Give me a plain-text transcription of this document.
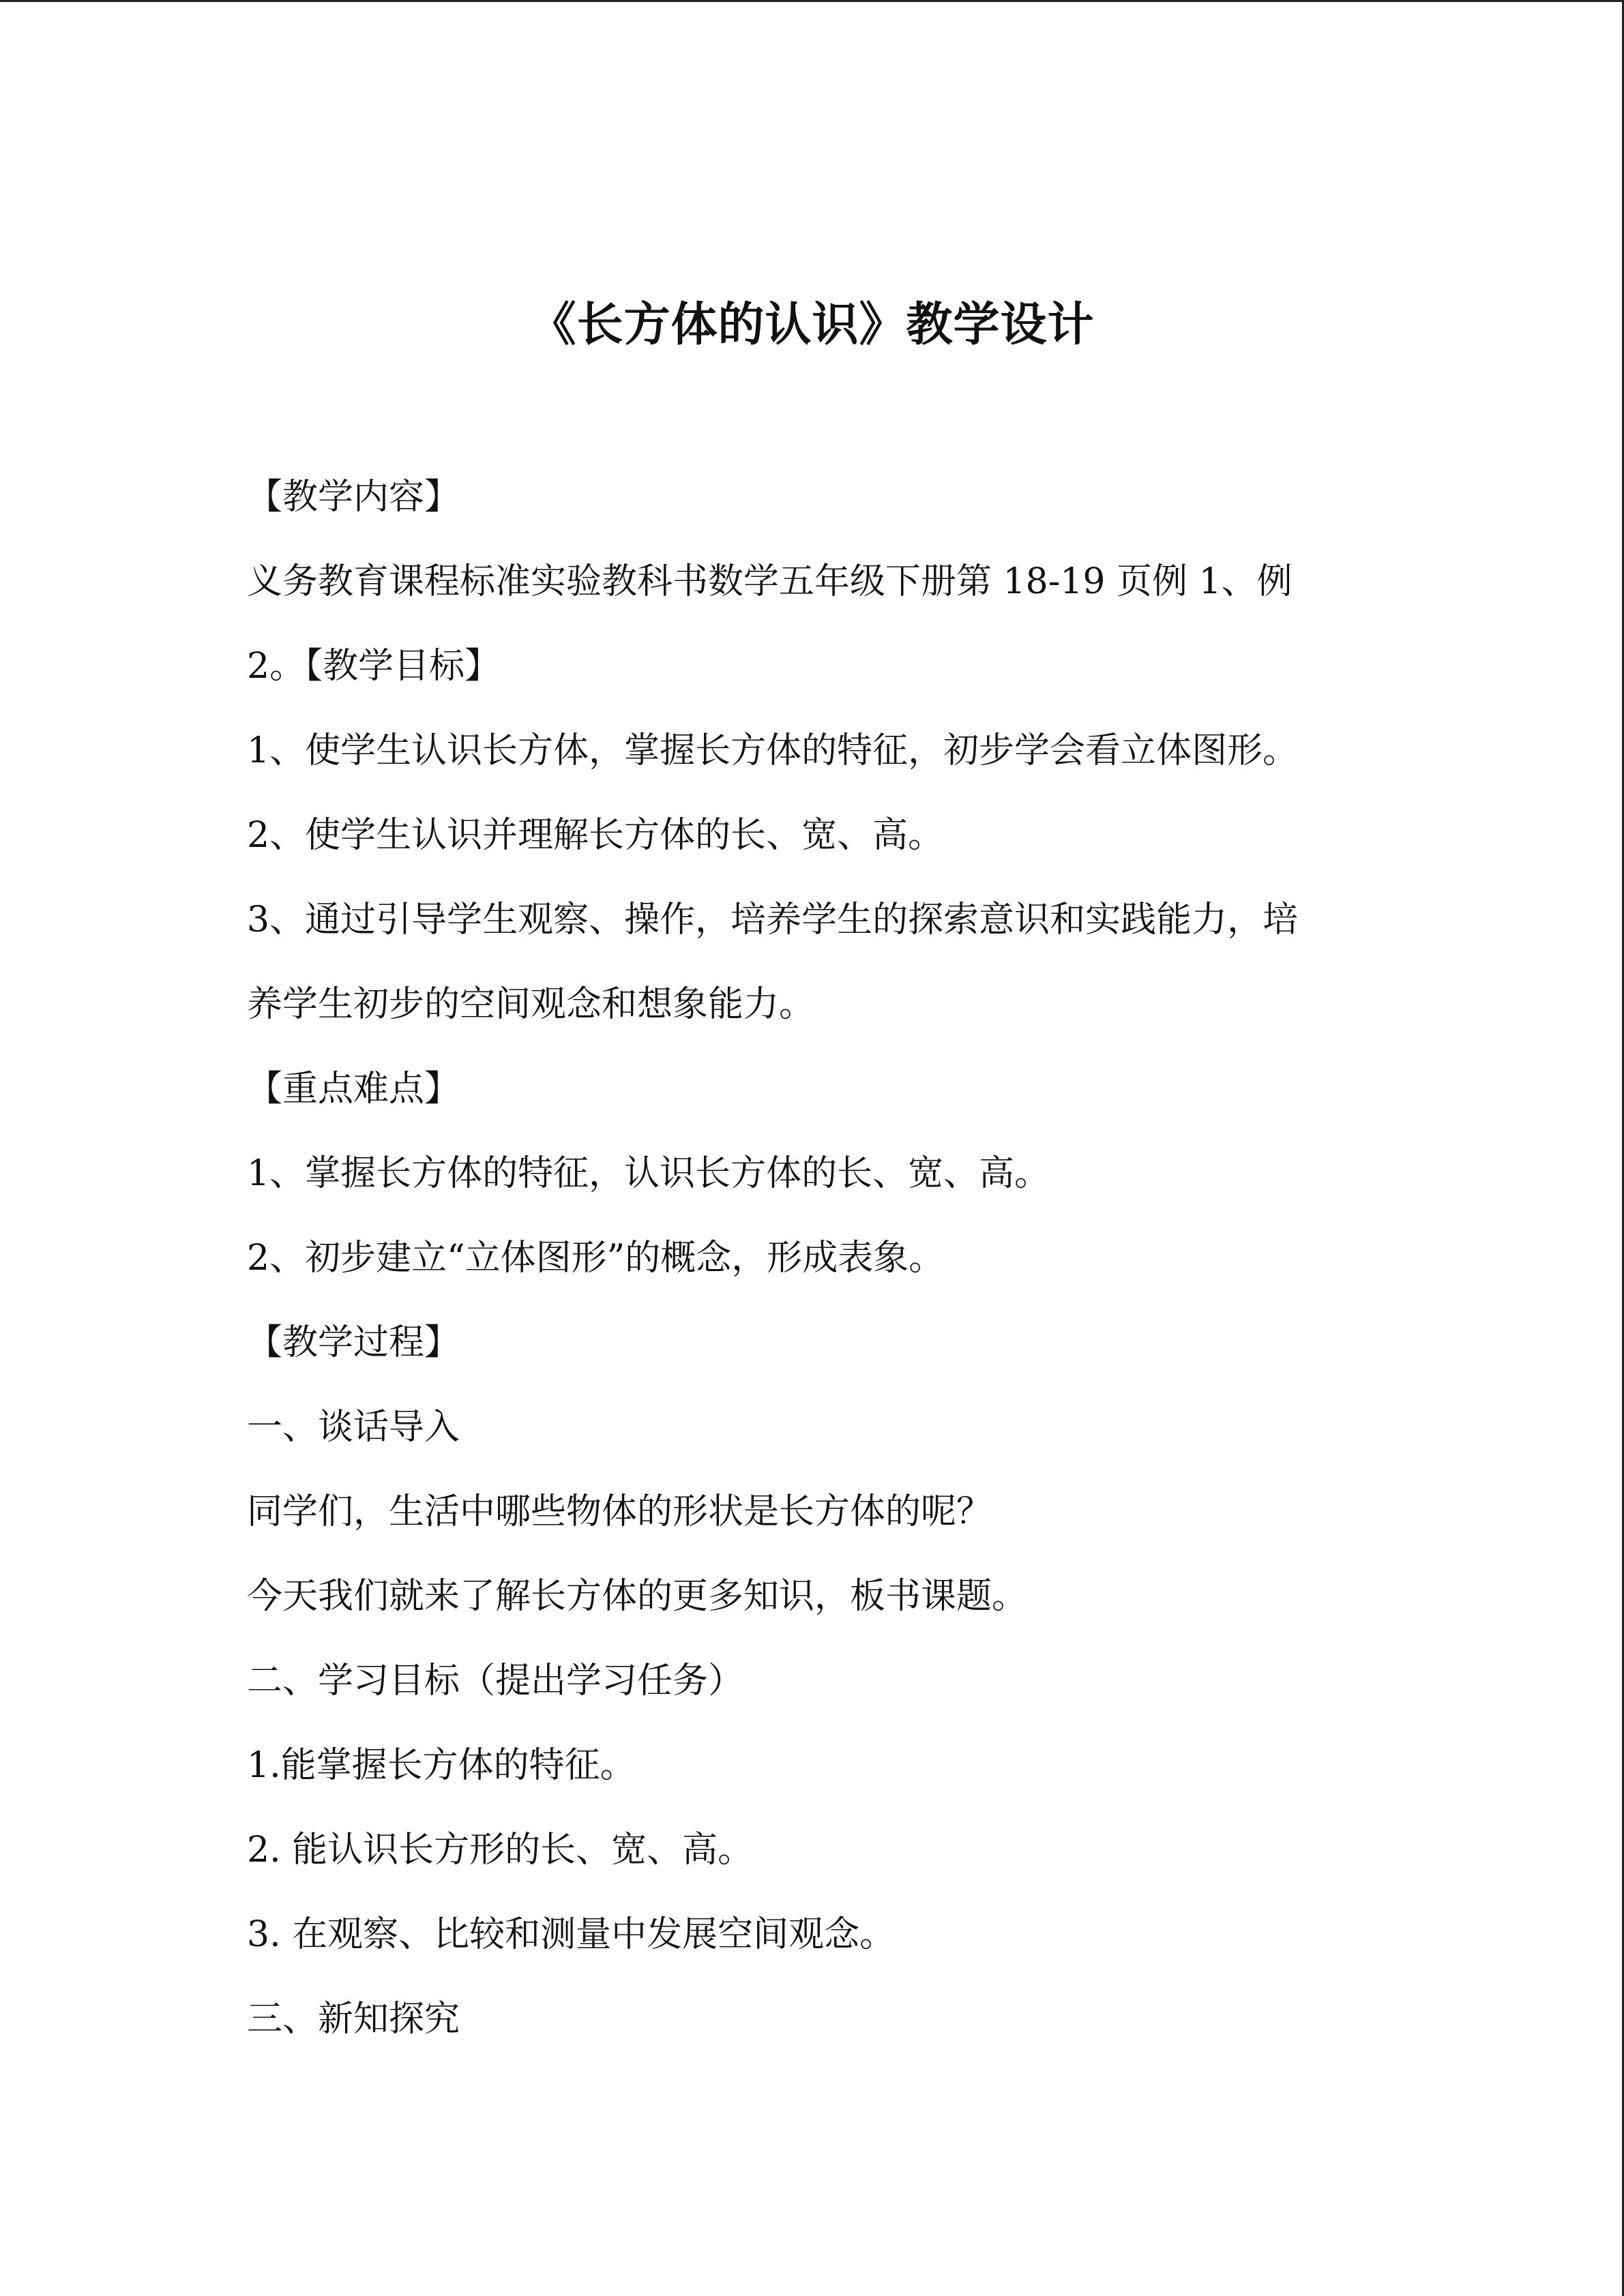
《长方体的认识》教学设计
【教学内容】
义务教育课程标准实验教科书数学五年级下册第 18-19 页例 1、例
2。【教学目标】
1、使学生认识长方体，掌握长方体的特征，初步学会看立体图形。
2、使学生认识并理解长方体的长、宽、高。
3、通过引导学生观察、操作，培养学生的探索意识和实践能力，培
养学生初步的空间观念和想象能力。
【重点难点】
1、掌握长方体的特征，认识长方体的长、宽、高。
2、初步建立“立体图形”的概念，形成表象。
【教学过程】
一、谈话导入
同学们，生活中哪些物体的形状是长方体的呢？
今天我们就来了解长方体的更多知识，板书课题。
二、学习目标（提出学习任务）
1.能掌握长方体的特征。
2. 能认识长方形的长、宽、高。
3. 在观察、比较和测量中发展空间观念。
三、新知探究
